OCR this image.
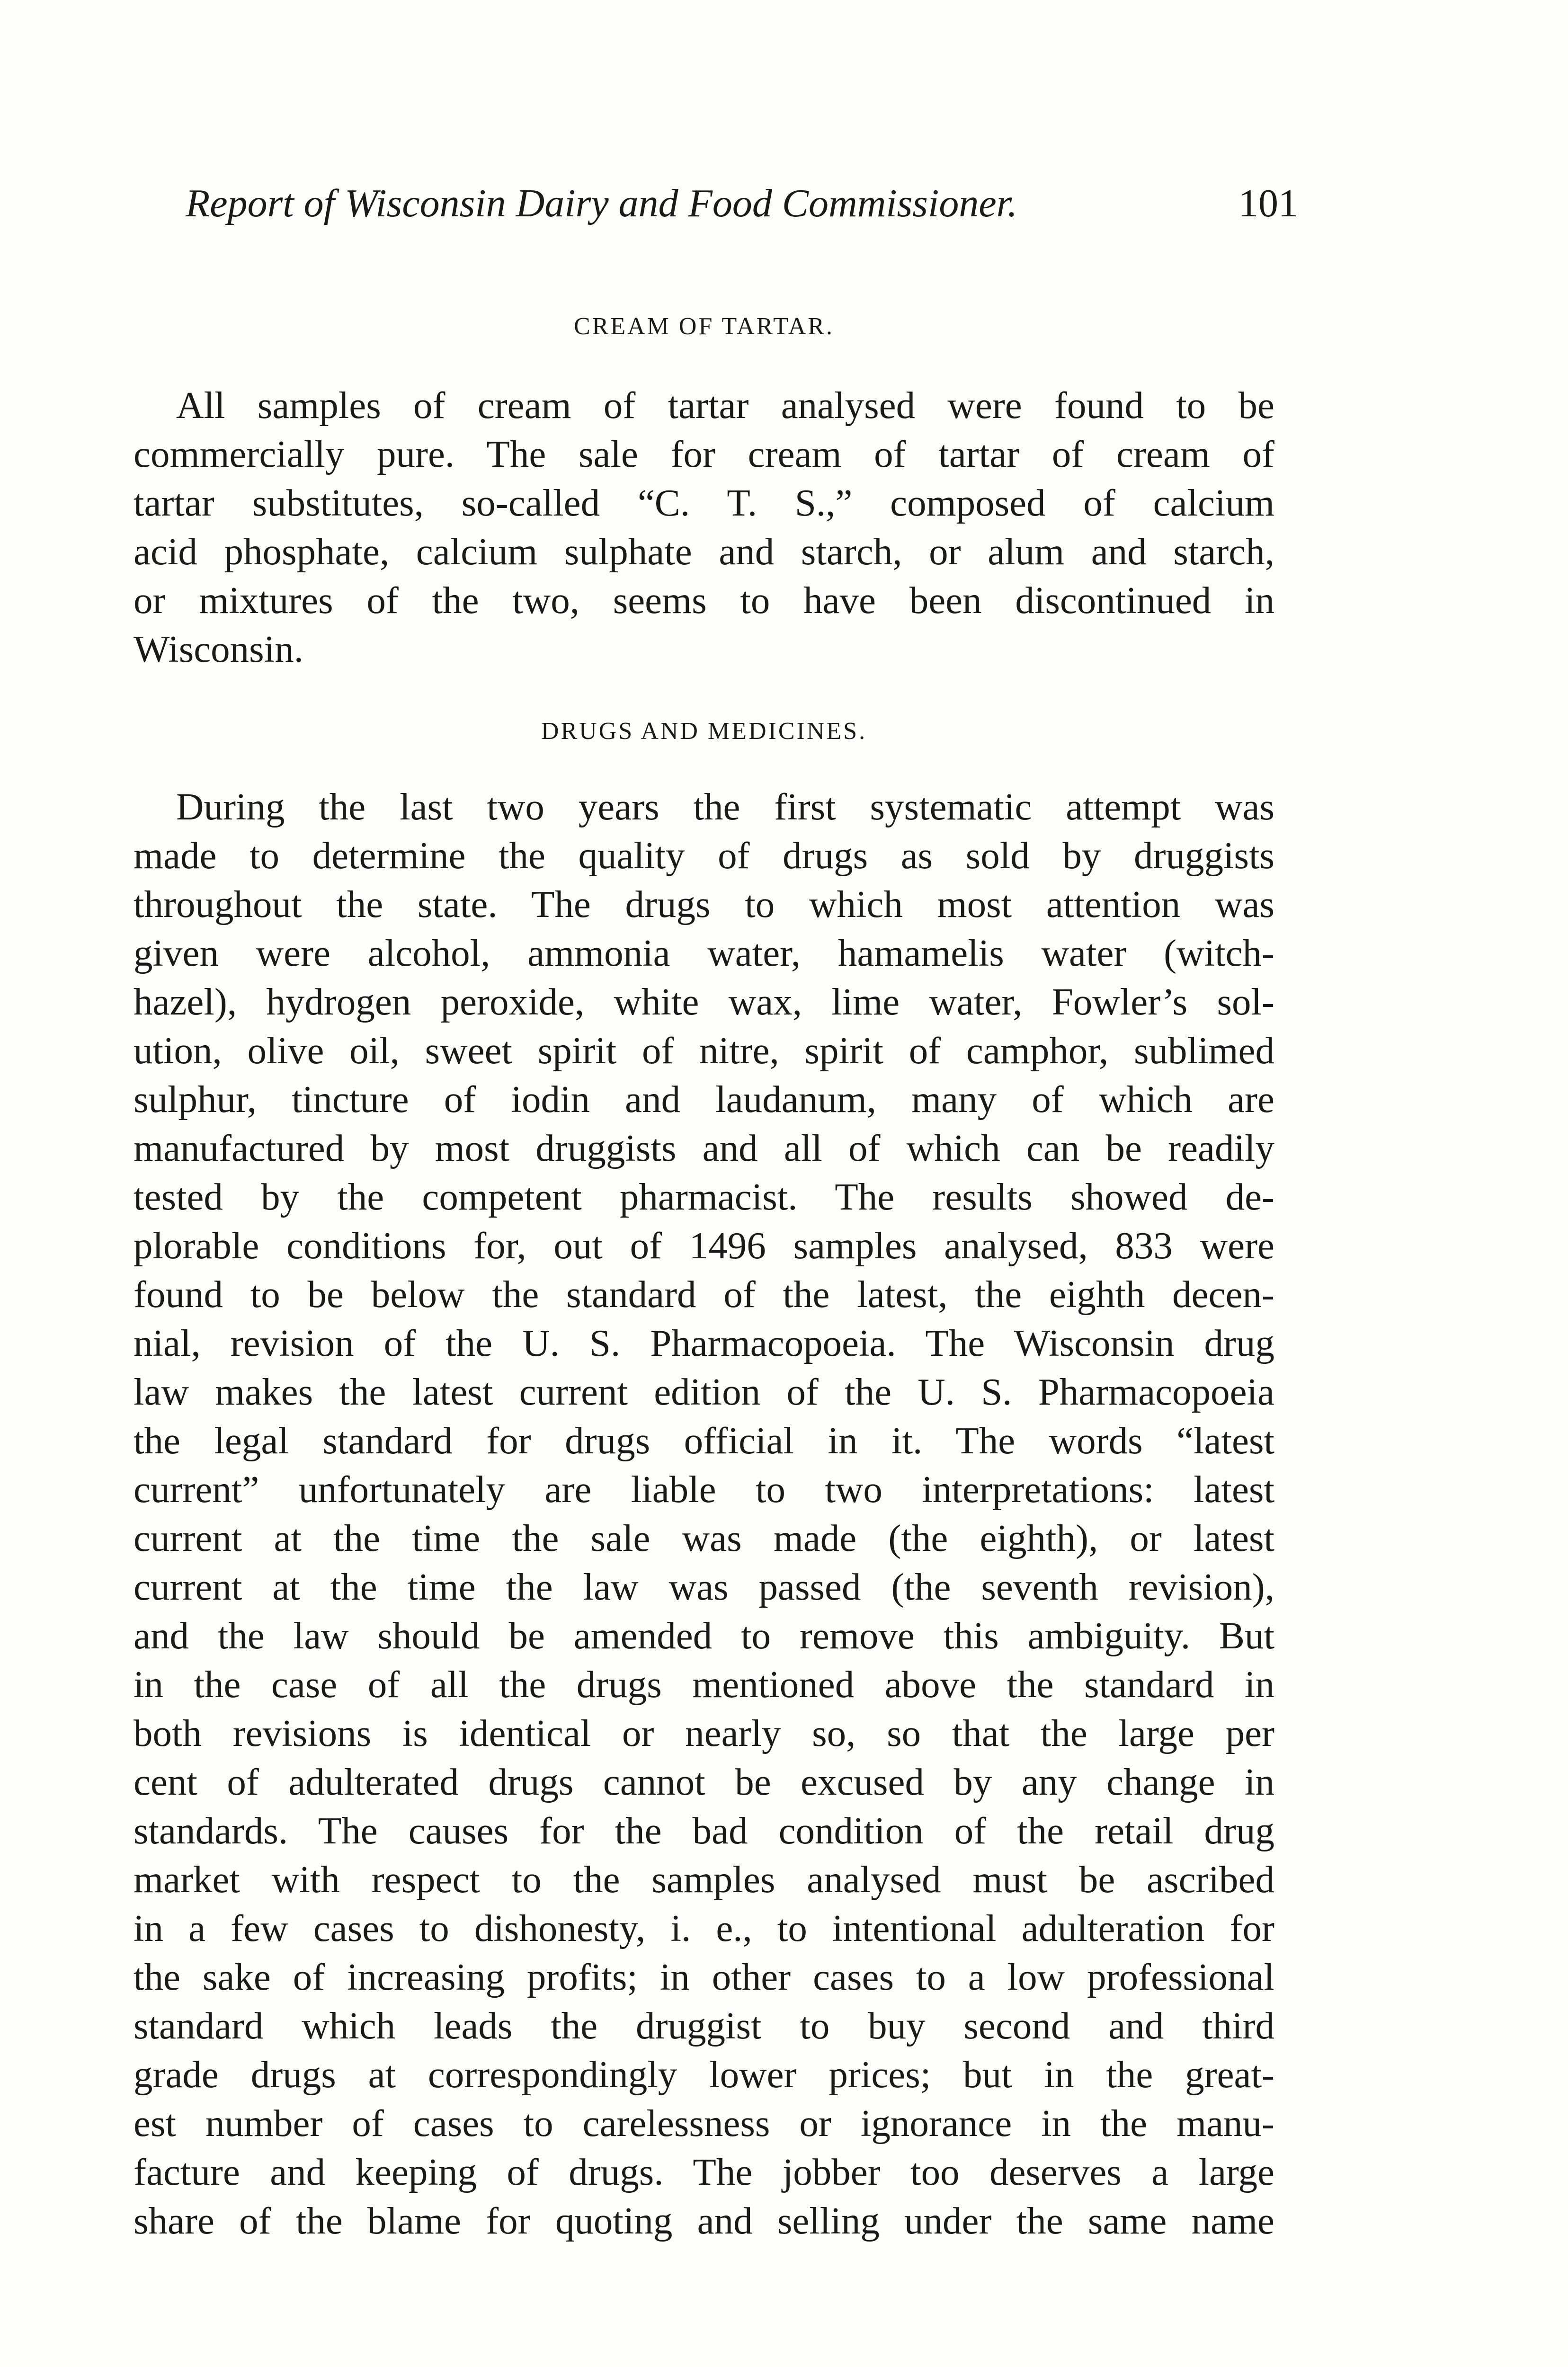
Report of Wisconsin Dairy and Food Commissioner.	101
CREAM OF TARTAR.
All samples of cream of tartar analysed were found to be
commercially pure. The sale for cream of tartar of cream of
tartar substitutes, so-called “C. T. S.,” composed of calcium
acid phosphate, calcium sulphate and starch, or alum and starch,
or mixtures of the two, seems to have been discontinued in
Wisconsin.
DRUGS AND MEDICINES.
During the last two years the first systematic attempt was
made to determine the quality of drugs as sold by druggists
throughout the state. The drugs to which most attention was
given were alcohol, ammonia water, hamamelis water (witch-
hazel), hydrogen peroxide, white wax, lime water, Fowler’s sol-
ution, olive oil, sweet spirit of nitre, spirit of camphor, sublimed
sulphur, tincture of iodin and laudanum, many of which are
manufactured by most druggists and all of which can be readily
tested by the competent pharmacist. The results showed de-
plorable conditions for, out of 1496 samples analysed, 833 were
found to be below the standard of the latest, the eighth decen-
nial, revision of the U. S. Pharmacopoeia. The Wisconsin drug
law makes the latest current edition of the U. S. Pharmacopoeia
the legal standard for drugs official in it. The words “latest
current” unfortunately are liable to two interpretations: latest
current at the time the sale was made (the eighth), or latest
current at the time the law was passed (the seventh revision),
and the law should be amended to remove this ambiguity. But
in the case of all the drugs mentioned above the standard in
both revisions is identical or nearly so, so that the large per
cent of adulterated drugs cannot be excused by any change in
standards. The causes for the bad condition of the retail drug
market with respect to the samples analysed must be ascribed
in a few cases to dishonesty, i. e., to intentional adulteration for
the sake of increasing profits; in other cases to a low professional
standard which leads the druggist to buy second and third
grade drugs at correspondingly lower prices; but in the great-
est number of cases to carelessness or ignorance in the manu-
facture and keeping of drugs. The jobber too deserves a large
share of the blame for quoting and selling under the same name
